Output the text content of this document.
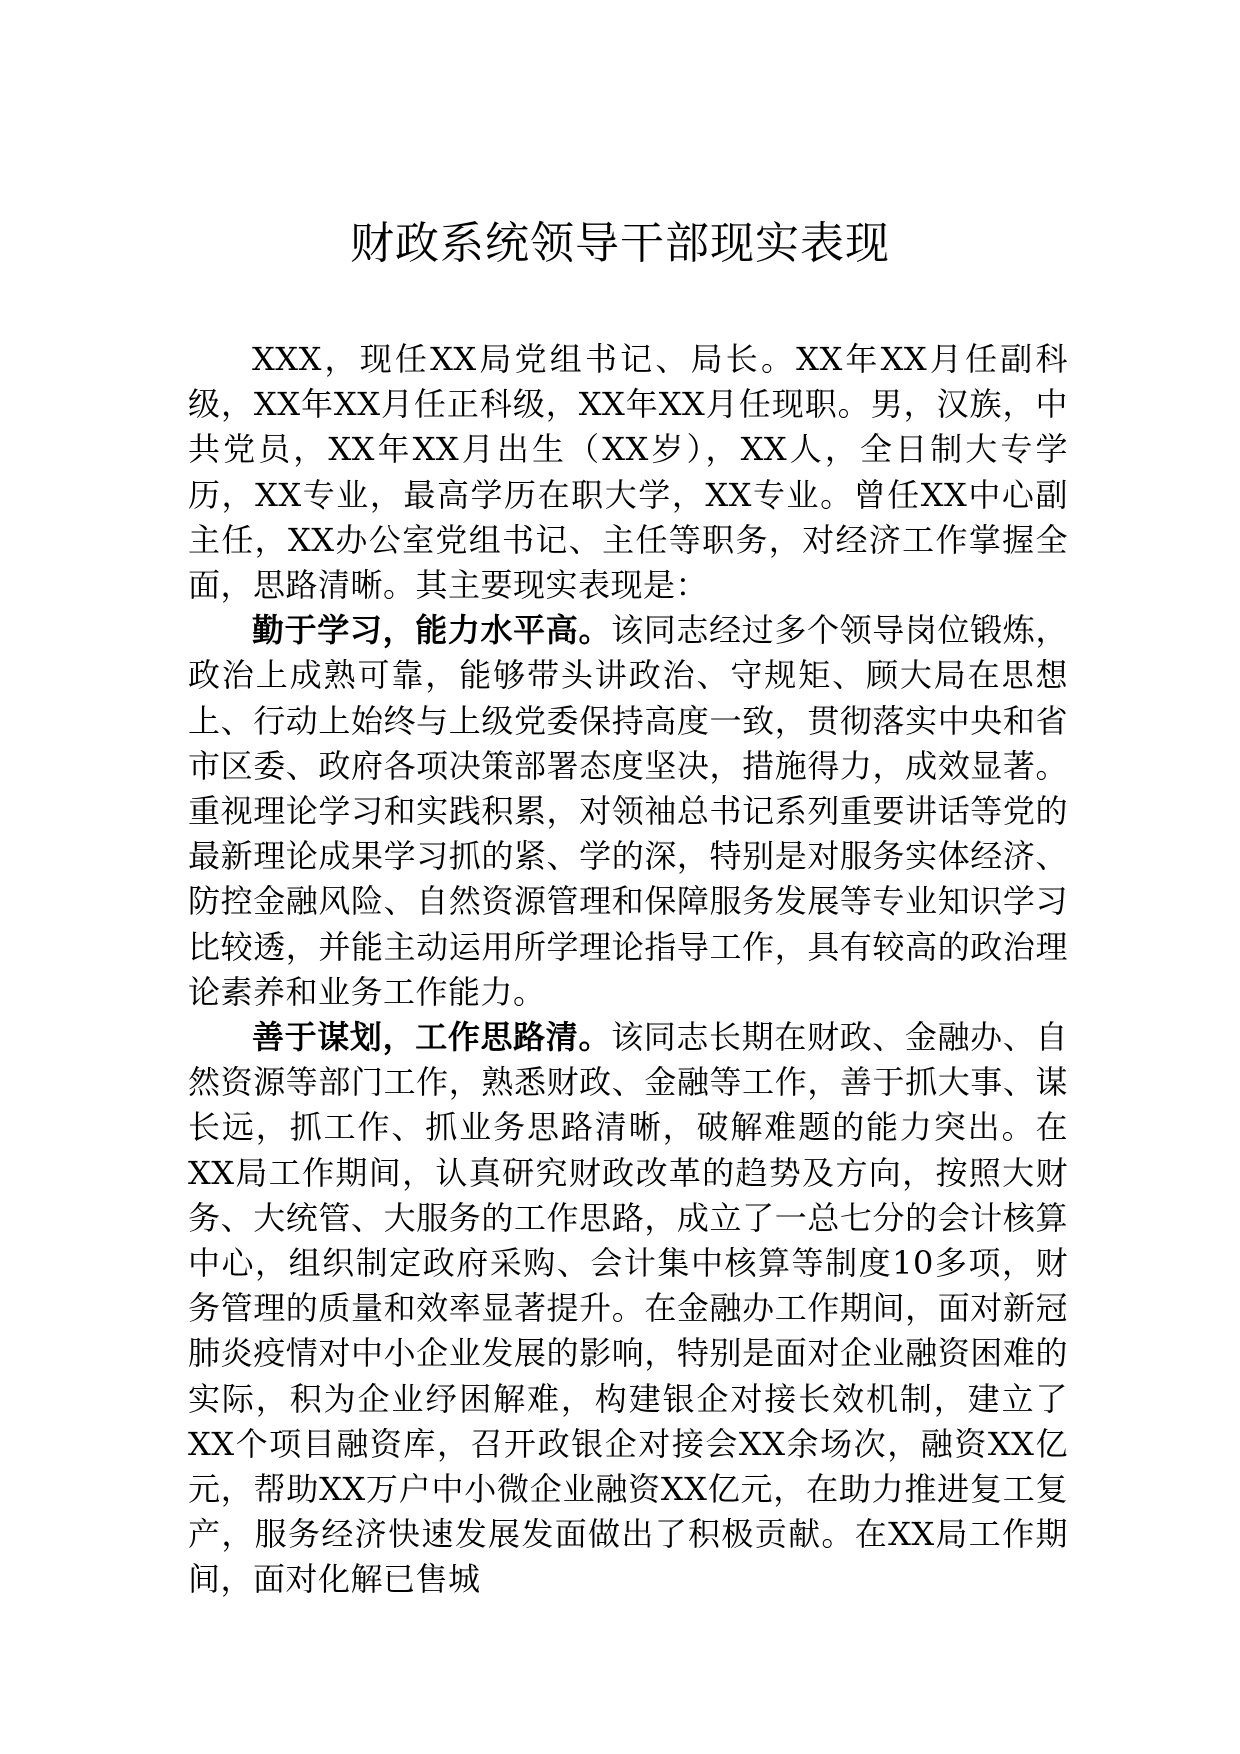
财政系统领导干部现实表现

XXX，现任XX局党组书记、局长。XX年XX月任副科级，XX年XX月任正科级，XX年XX月任现职。男，汉族，中共党员，XX年XX月出生（XX岁），XX人，全日制大专学历，XX专业，最高学历在职大学，XX专业。曾任XX中心副主任，XX办公室党组书记、主任等职务，对经济工作掌握全面，思路清晰。其主要现实表现是：

勤于学习，能力水平高。该同志经过多个领导岗位锻炼，政治上成熟可靠，能够带头讲政治、守规矩、顾大局在思想上、行动上始终与上级党委保持高度一致，贯彻落实中央和省市区委、政府各项决策部署态度坚决，措施得力，成效显著。重视理论学习和实践积累，对领袖总书记系列重要讲话等党的最新理论成果学习抓的紧、学的深，特别是对服务实体经济、防控金融风险、自然资源管理和保障服务发展等专业知识学习比较透，并能主动运用所学理论指导工作，具有较高的政治理论素养和业务工作能力。

善于谋划，工作思路清。该同志长期在财政、金融办、自然资源等部门工作，熟悉财政、金融等工作，善于抓大事、谋长远，抓工作、抓业务思路清晰，破解难题的能力突出。在XX局工作期间，认真研究财政改革的趋势及方向，按照大财务、大统管、大服务的工作思路，成立了一总七分的会计核算中心，组织制定政府采购、会计集中核算等制度10多项，财务管理的质量和效率显著提升。在金融办工作期间，面对新冠肺炎疫情对中小企业发展的影响，特别是面对企业融资困难的实际，积为企业纾困解难，构建银企对接长效机制，建立了XX个项目融资库，召开政银企对接会XX余场次，融资XX亿元，帮助XX万户中小微企业融资XX亿元，在助力推进复工复产，服务经济快速发展发面做出了积极贡献。在XX局工作期间，面对化解已售城
